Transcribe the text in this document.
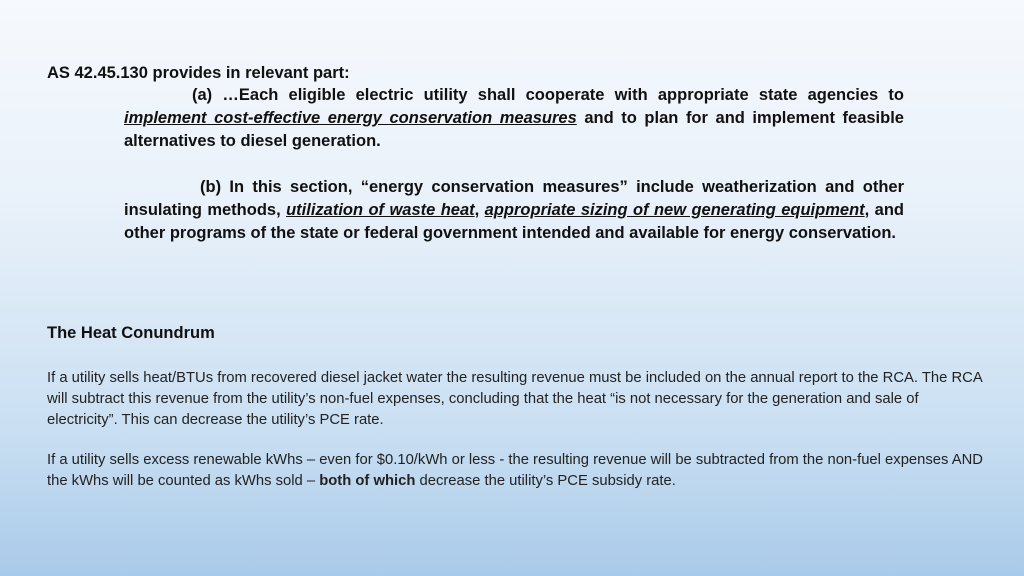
AS 42.45.130 provides in relevant part:

(a) …Each eligible electric utility shall cooperate with appropriate state agencies to implement cost-effective energy conservation measures and to plan for and implement feasible alternatives to diesel generation.

(b) In this section, “energy conservation measures” include weatherization and other insulating methods, utilization of waste heat, appropriate sizing of new generating equipment, and other programs of the state or federal government intended and available for energy conservation.

The Heat Conundrum

If a utility sells heat/BTUs from recovered diesel jacket water the resulting revenue must be included on the annual report to the RCA. The RCA will subtract this revenue from the utility’s non-fuel expenses, concluding that the heat “is not necessary for the generation and sale of electricity”. This can decrease the utility’s PCE rate.

If a utility sells excess renewable kWhs – even for $0.10/kWh or less - the resulting revenue will be subtracted from the non-fuel expenses AND the kWhs will be counted as kWhs sold – both of which decrease the utility’s PCE subsidy rate.
